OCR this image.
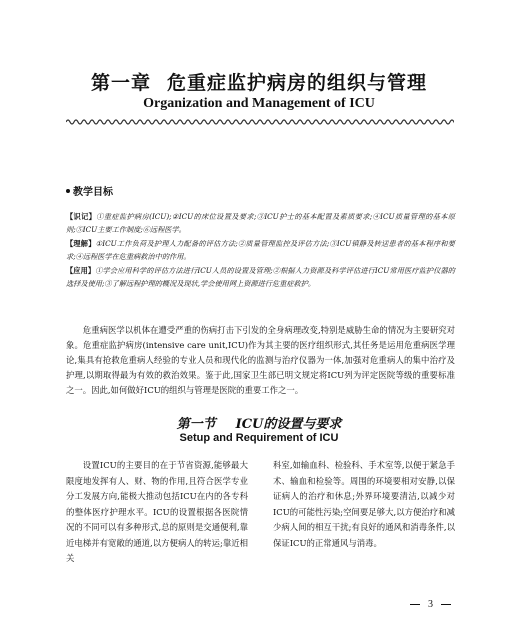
第一章 危重症监护病房的组织与管理
Organization and Management of ICU
教学目标

【识记】①重症监护病房(ICU);②ICU的床位设置及要求;③ICU护士的基本配置及素质要求;④ICU质量管理的基本原则;⑤ICU主要工作制度;⑥远程医学。

【理解】①ICU工作负荷及护理人力配备的评估方法;②质量管理监控及评估方法;③ICU镇静及转送患者的基本程序和要求;④远程医学在危重病救治中的作用。

【应用】①学会应用科学的评估方法进行ICU人员的设置及管理;②根据人力资源及科学评估进行ICU常用医疗监护仪器的选择及使用;③了解远程护理的概况及现状,学会使用网上资源进行危重症救护。

危重病医学以机体在遭受严重的伤病打击下引发的全身病理改变,特别是威胁生命的情况为主要研究对象。危重症监护病房(intensive care unit,ICU)作为其主要的医疗组织形式,其任务是运用危重病医学理论,集具有抢救危重病人经验的专业人员和现代化的监测与治疗仪器为一体,加强对危重病人的集中治疗及护理,以期取得最为有效的救治效果。鉴于此,国家卫生部已明文规定将ICU列为评定医院等级的重要标准之一。因此,如何做好ICU的组织与管理是医院的重要工作之一。

第一节 ICU的设置与要求
Setup and Requirement of ICU

设置ICU的主要目的在于节省资源,能够最大限度地发挥有人、财、物的作用,且符合医学专业分工发展方向,能极大推动包括ICU在内的各专科的整体医疗护理水平。ICU的设置根据各医院情况的不同可以有多种形式,总的原则是交通便利,靠近电梯并有宽敞的通道,以方便病人的转运;靠近相关

科室,如输血科、检验科、手术室等,以便于紧急手术、输血和检验等。周围的环境要相对安静,以保证病人的治疗和休息;外界环境要清洁,以减少对ICU的可能性污染;空间要足够大,以方便治疗和减少病人间的相互干扰;有良好的通风和消毒条件,以保证ICU的正常通风与消毒。

3
